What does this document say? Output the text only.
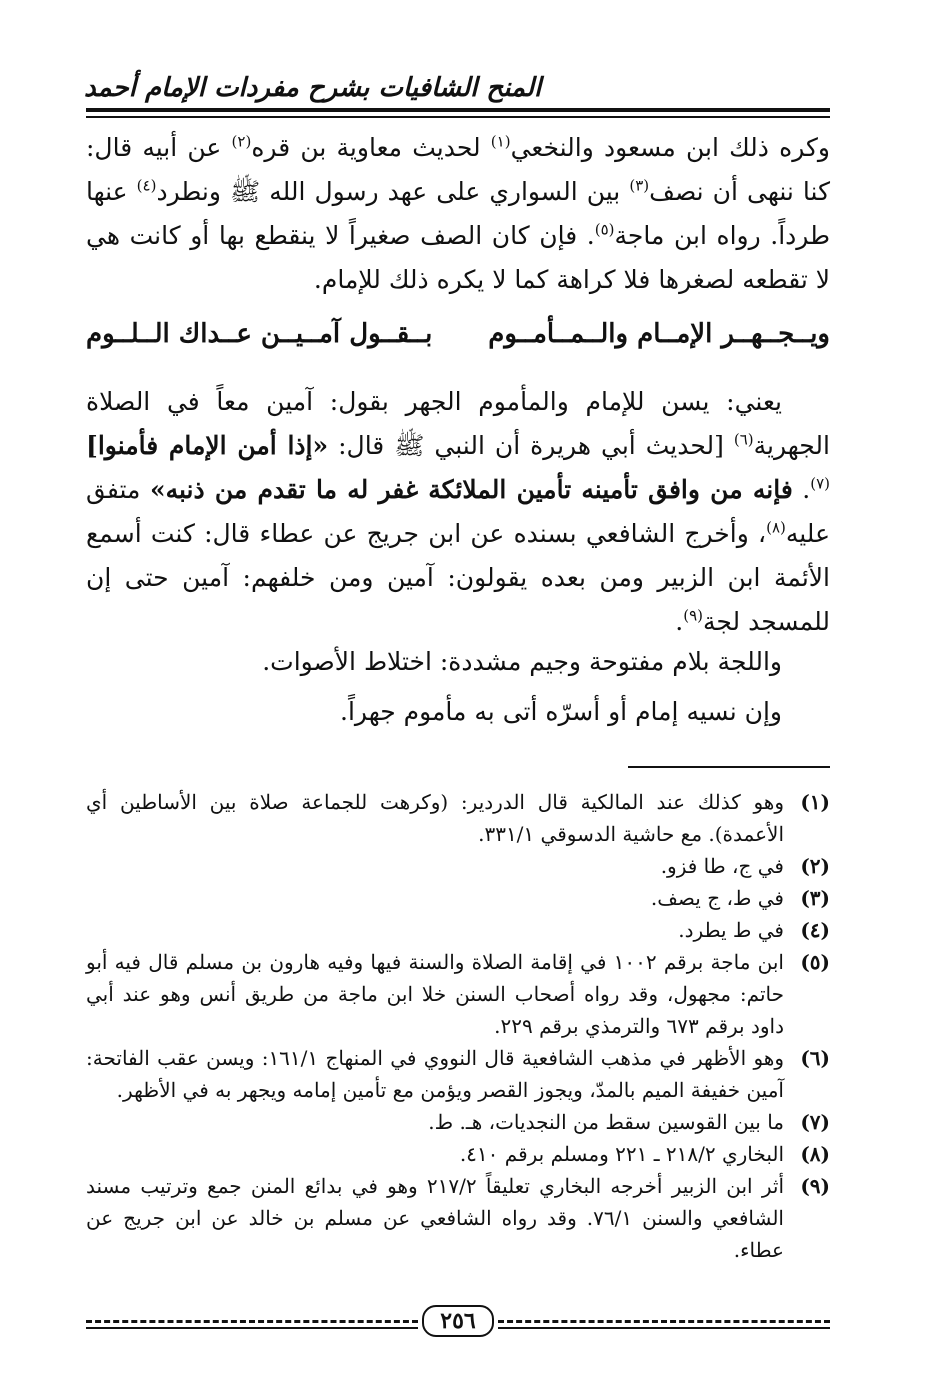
المنح الشافيات بشرح مفردات الإمام أحمد

وكره ذلك ابن مسعود والنخعي$^{(١)}$ لحديث معاوية بن قره$^{(٢)}$ عن أبيه قال: كنا ننهى أن نصف$^{(٣)}$ بين السواري على عهد رسول الله ﷺ ونطرد$^{(٤)}$ عنها طرداً. رواه ابن ماجة$^{(٥)}$. فإن كان الصف صغيراً لا ينقطع بها أو كانت هي لا تقطعه لصغرها فلا كراهة كما لا يكره ذلك للإمام.

ويــجــهــر الإمــام والــمــأمــوم
بــقــول آمــيــن عــداك الــلــوم

يعني: يسن للإمام والمأموم الجهر بقول: آمين معاً في الصلاة الجهرية$^{(٦)}$ [لحديث أبي هريرة أن النبي ﷺ قال: «إذا أمن الإمام فأمنوا]$^{(٧)}$. فإنه من وافق تأمينه تأمين الملائكة غفر له ما تقدم من ذنبه» متفق عليه$^{(٨)}$، وأخرج الشافعي بسنده عن ابن جريج عن عطاء قال: كنت أسمع الأئمة ابن الزبير ومن بعده يقولون: آمين ومن خلفهم: آمين حتى إن للمسجد لجة$^{(٩)}$.

واللجة بلام مفتوحة وجيم مشددة: اختلاط الأصوات.

وإن نسيه إمام أو أسرّه أتى به مأموم جهراً.

(١)
وهو كذلك عند المالكية قال الدردير: (وكرهت للجماعة صلاة بين الأساطين أي الأعمدة). مع حاشية الدسوقي ٣٣١/١.
(٢)
في ج، طا فزو.
(٣)
في ط، ج يصف.
(٤)
في ط يطرد.
(٥)
ابن ماجة برقم ١٠٠٢ في إقامة الصلاة والسنة فيها وفيه هارون بن مسلم قال فيه أبو حاتم: مجهول، وقد رواه أصحاب السنن خلا ابن ماجة من طريق أنس وهو عند أبي داود برقم ٦٧٣ والترمذي برقم ٢٢٩.
(٦)
وهو الأظهر في مذهب الشافعية قال النووي في المنهاج ١٦١/١: ويسن عقب الفاتحة: آمين خفيفة الميم بالمدّ، ويجوز القصر ويؤمن مع تأمين إمامه ويجهر به في الأظهر.
(٧)
ما بين القوسين سقط من النجديات، هـ. ط.
(٨)
البخاري ٢١٨/٢ ـ ٢٢١ ومسلم برقم ٤١٠.
(٩)
أثر ابن الزبير أخرجه البخاري تعليقاً ٢١٧/٢ وهو في بدائع المنن جمع وترتيب مسند الشافعي والسنن ٧٦/١. وقد رواه الشافعي عن مسلم بن خالد عن ابن جريج عن عطاء.
٢٥٦
